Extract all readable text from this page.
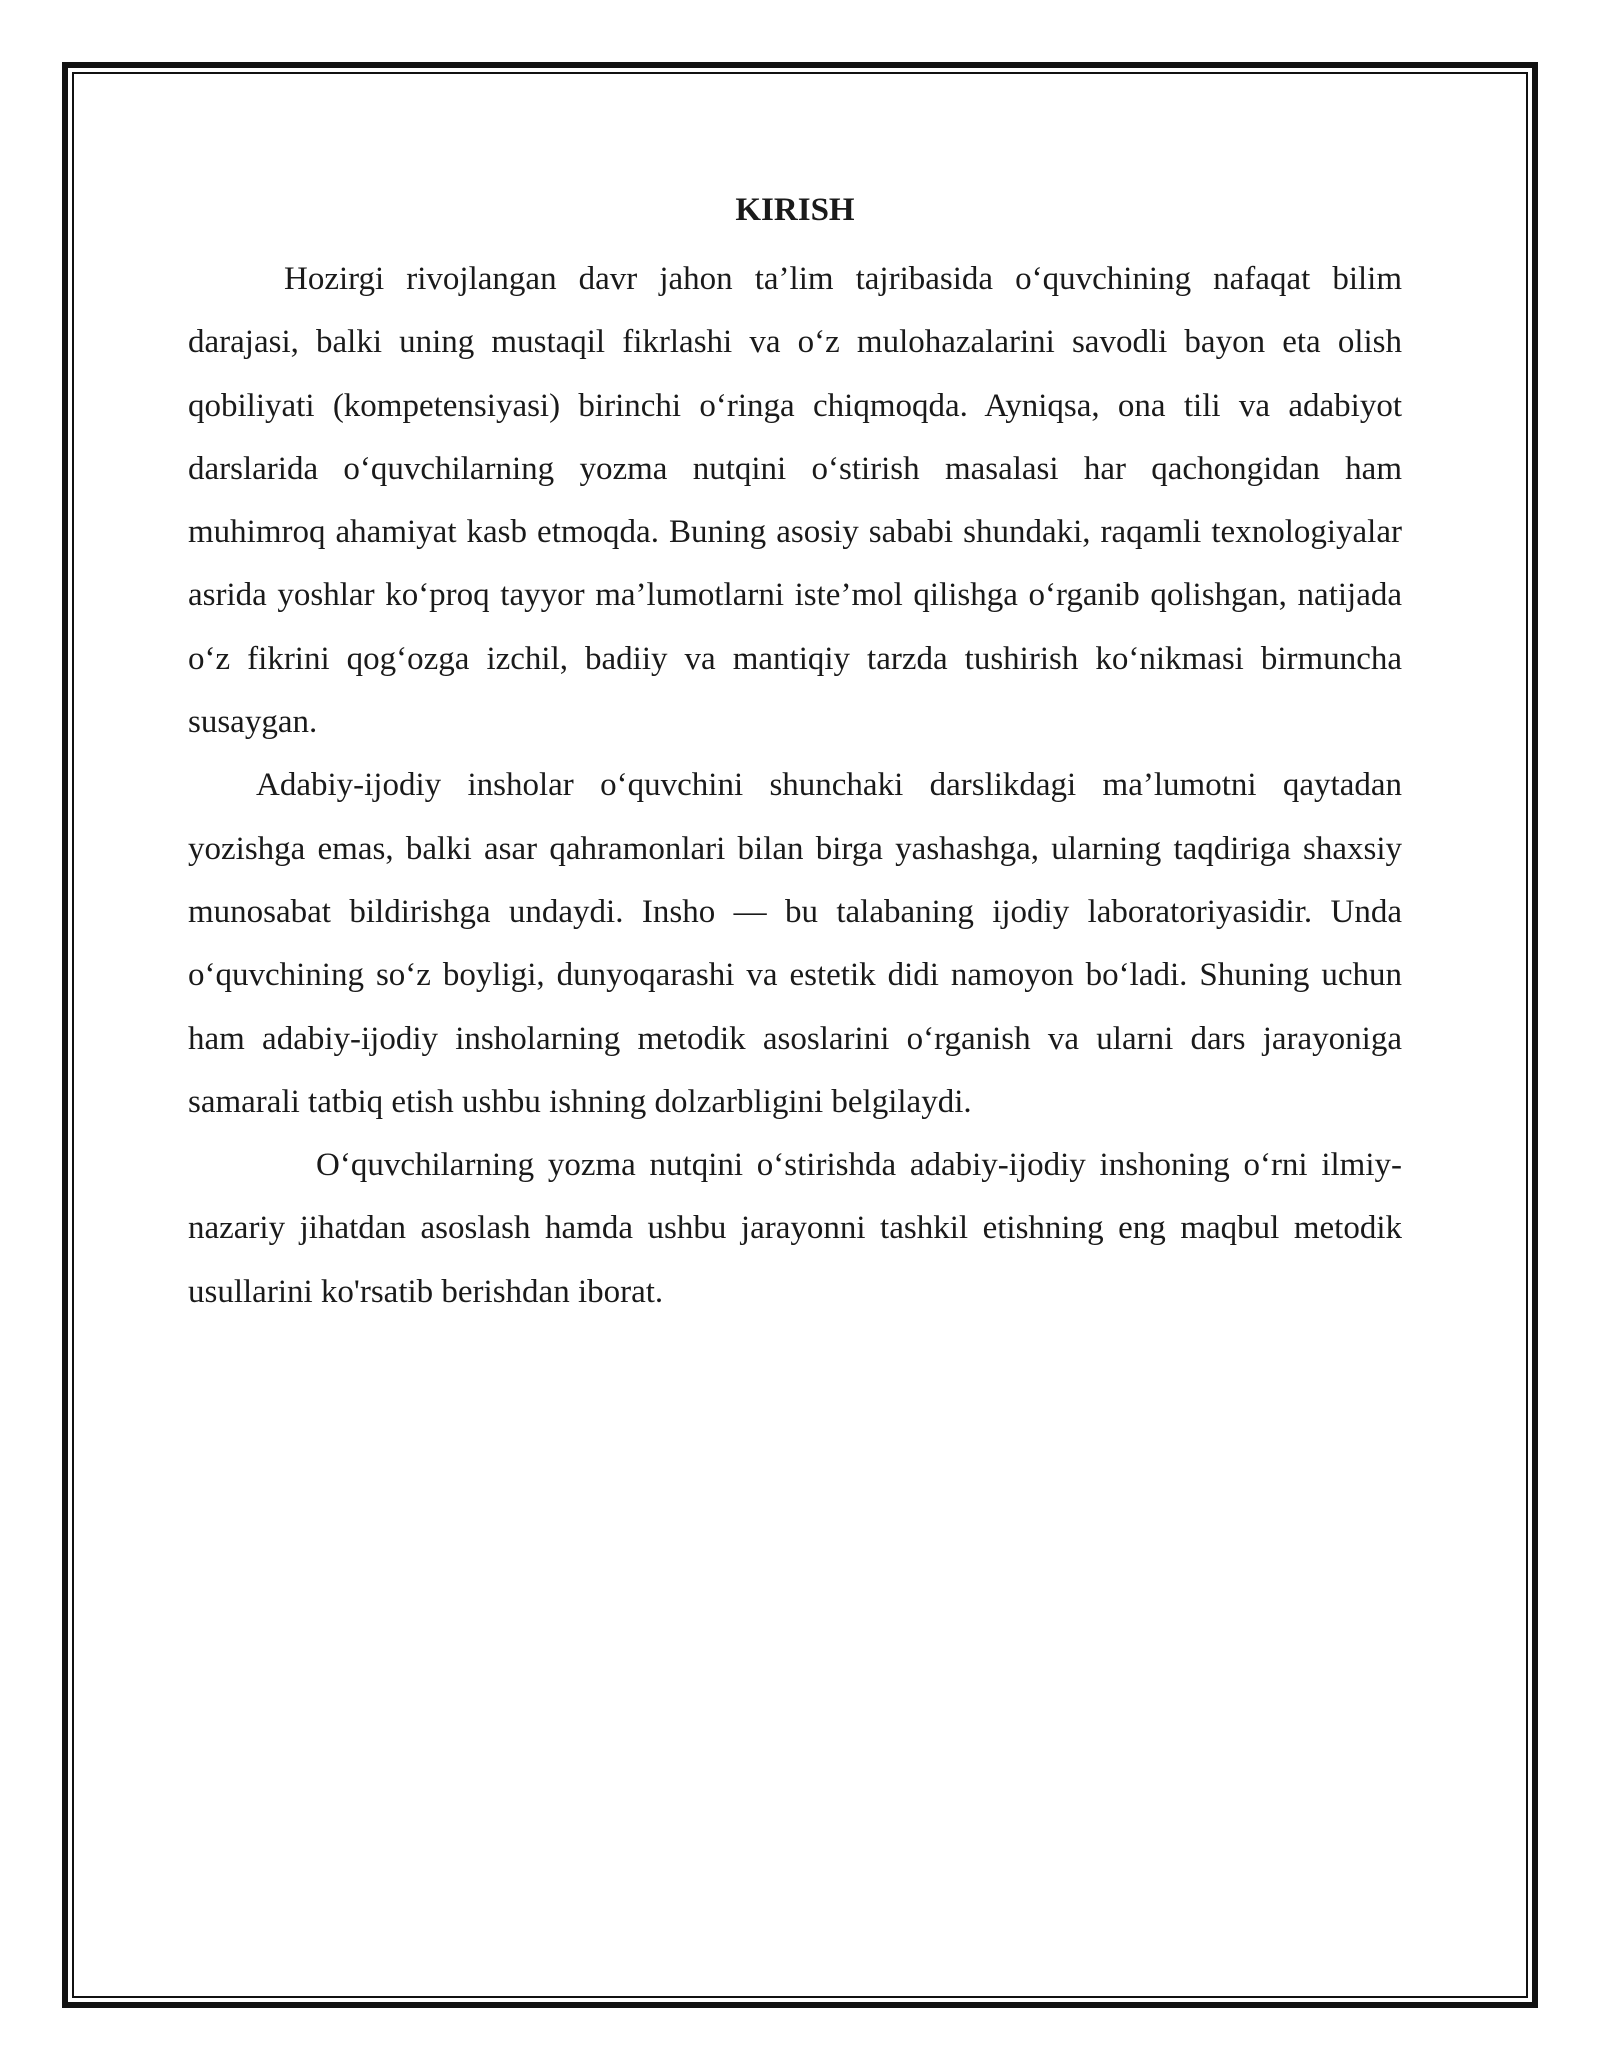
KIRISH

Hozirgi rivojlangan davr jahon ta’lim tajribasida o‘quvchining nafaqat bilim darajasi, balki uning mustaqil fikrlashi va o‘z mulohazalarini savodli bayon eta olish qobiliyati (kompetensiyasi) birinchi o‘ringa chiqmoqda. Ayniqsa, ona tili va adabiyot darslarida o‘quvchilarning yozma nutqini o‘stirish masalasi har qachongidan ham muhimroq ahamiyat kasb etmoqda. Buning asosiy sababi shundaki, raqamli texnologiyalar asrida yoshlar ko‘proq tayyor ma’lumotlarni iste’mol qilishga o‘rganib qolishgan, natijada o‘z fikrini qog‘ozga izchil, badiiy va mantiqiy tarzda tushirish ko‘nikmasi birmuncha susaygan.

Adabiy-ijodiy insholar o‘quvchini shunchaki darslikdagi ma’lumotni qaytadan yozishga emas, balki asar qahramonlari bilan birga yashashga, ularning taqdiriga shaxsiy munosabat bildirishga undaydi. Insho — bu talabaning ijodiy laboratoriyasidir. Unda o‘quvchining so‘z boyligi, dunyoqarashi va estetik didi namoyon bo‘ladi. Shuning uchun ham adabiy-ijodiy insholarning metodik asoslarini o‘rganish va ularni dars jarayoniga samarali tatbiq etish ushbu ishning dolzarbligini belgilaydi.

O‘quvchilarning yozma nutqini o‘stirishda adabiy-ijodiy inshoning o‘rni ilmiy-nazariy jihatdan asoslash hamda ushbu jarayonni tashkil etishning eng maqbul metodik usullarini ko'rsatib berishdan iborat.
